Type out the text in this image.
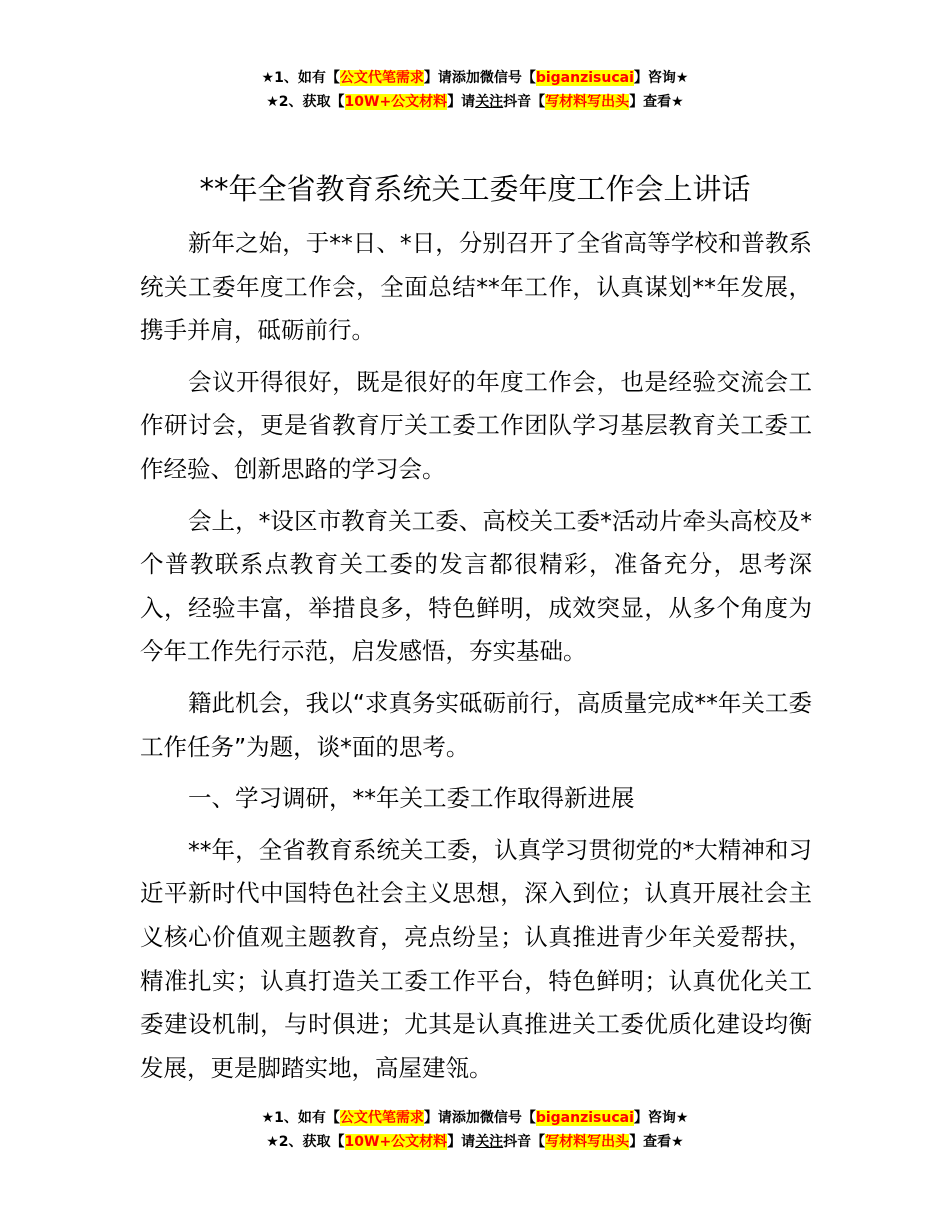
★1、如有【公文代笔需求】请添加微信号【biganzisucai】咨询★
★2、获取【10W+公文材料】请关注抖音【写材料写出头】查看★
**年全省教育系统关工委年度工作会上讲话

新年之始，于**日、*日，分别召开了全省高等学校和普教系统关工委年度工作会，全面总结**年工作，认真谋划**年发展，携手并肩，砥砺前行。

会议开得很好，既是很好的年度工作会，也是经验交流会工作研讨会，更是省教育厅关工委工作团队学习基层教育关工委工作经验、创新思路的学习会。

会上，*设区市教育关工委、高校关工委*活动片牵头高校及*个普教联系点教育关工委的发言都很精彩，准备充分，思考深入，经验丰富，举措良多，特色鲜明，成效突显，从多个角度为今年工作先行示范，启发感悟，夯实基础。

籍此机会，我以“求真务实砥砺前行，高质量完成**年关工委工作任务”为题，谈*面的思考。

一、学习调研，**年关工委工作取得新进展

**年，全省教育系统关工委，认真学习贯彻党的*大精神和习近平新时代中国特色社会主义思想，深入到位；认真开展社会主义核心价值观主题教育，亮点纷呈；认真推进青少年关爱帮扶，精准扎实；认真打造关工委工作平台，特色鲜明；认真优化关工委建设机制，与时俱进；尤其是认真推进关工委优质化建设均衡发展，更是脚踏实地，高屋建瓴。

★1、如有【公文代笔需求】请添加微信号【biganzisucai】咨询★
★2、获取【10W+公文材料】请关注抖音【写材料写出头】查看★
